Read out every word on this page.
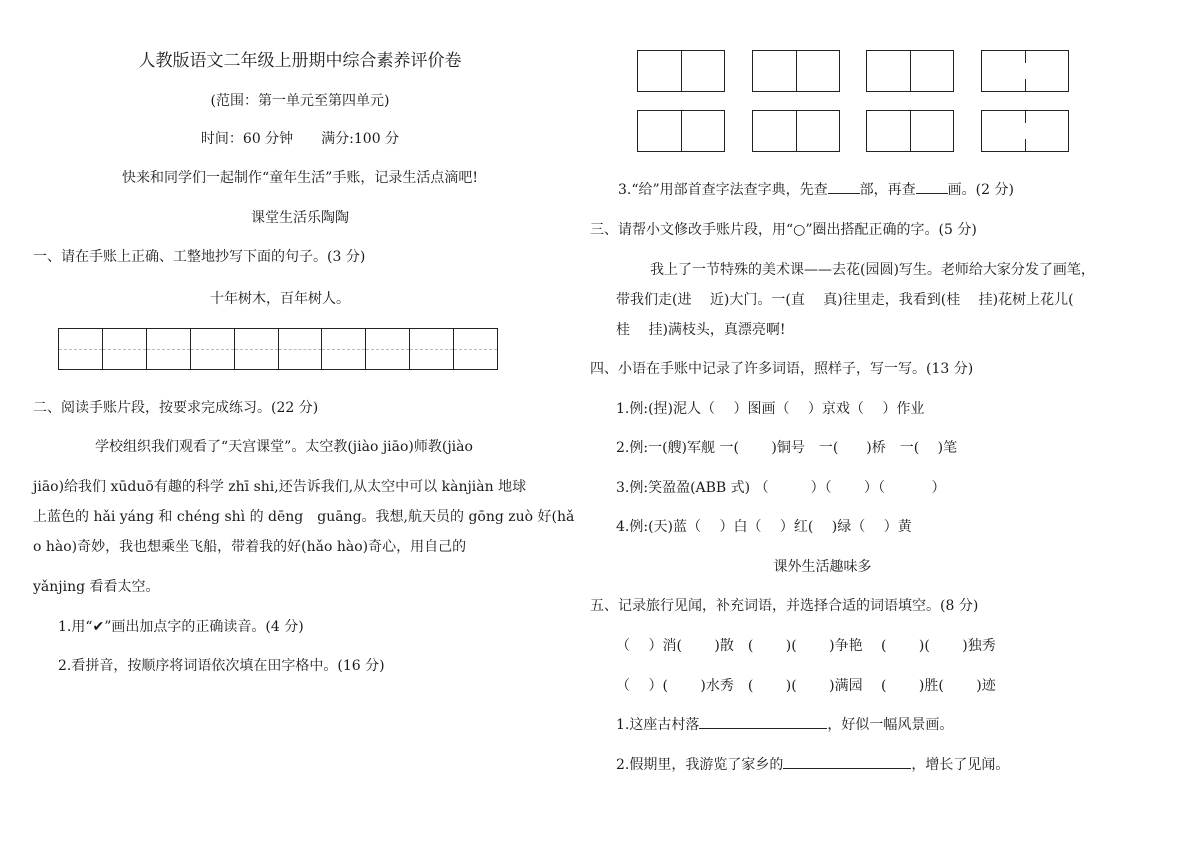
人教版语文二年级上册期中综合素养评价卷
(范围：第一单元至第四单元)
时间：60 分钟　　满分:100 分
快来和同学们一起制作“童年生活”手账，记录生活点滴吧!
课堂生活乐陶陶
一、请在手账上正确、工整地抄写下面的句子。(3 分)
十年树木，百年树人。
二、阅读手账片段，按要求完成练习。(22 分)
学校组织我们观看了“天宫课堂”。太空教(jiào jiāo)师教(jiào
jiāo)给我们 xūduō有趣的科学 zhī shi,还告诉我们,从太空中可以 kànjiàn 地球
上蓝色的 hǎi yáng 和 chéng shì 的 dēng　guāng。我想,航天员的 gōng zuò 好(hǎ
o hào)奇妙，我也想乘坐飞船，带着我的好(hǎo hào)奇心，用自己的
yǎnjing 看看太空。
1.用“✔”画出加点字的正确读音。(4 分)
2.看拼音，按顺序将词语依次填在田字格中。(16 分)
3.“给”用部首查字法查字典，先查 部，再查 画。(2 分)
三、请帮小文修改手账片段，用“○”圈出搭配正确的字。(5 分)
我上了一节特殊的美术课——去花(园圆)写生。老师给大家分发了画笔，
带我们走(进　 近)大门。一(直　 真)往里走，我看到(桂　 挂)花树上花儿(
桂　 挂)满枝头，真漂亮啊!
四、小语在手账中记录了许多词语，照样子，写一写。(13 分)
1.例:(捏)泥人（　 ）图画（　 ）京戏（　 ）作业
2.例:一(艘)军舰 一(　 　)铜号　一(　　)桥　一(　 )笔
3.例:笑盈盈(ABB 式) （　　　）（　　 ）（　　　 ）
4.例:(天)蓝（　 ）白（　 ）红(　 )绿（　 ）黄
课外生活趣味多
五、记录旅行见闻，补充词语，并选择合适的词语填空。(8 分)
（　 ）消(　 　)散　(　 　)(　 　)争艳　 (　 　)(　 　)独秀
（　 ）(　 　)水秀　(　 　)(　 　)满园　 (　 　)胜(　 　)迹
1.这座古村落	，好似一幅风景画。
2.假期里，我游览了家乡的	，增长了见闻。
